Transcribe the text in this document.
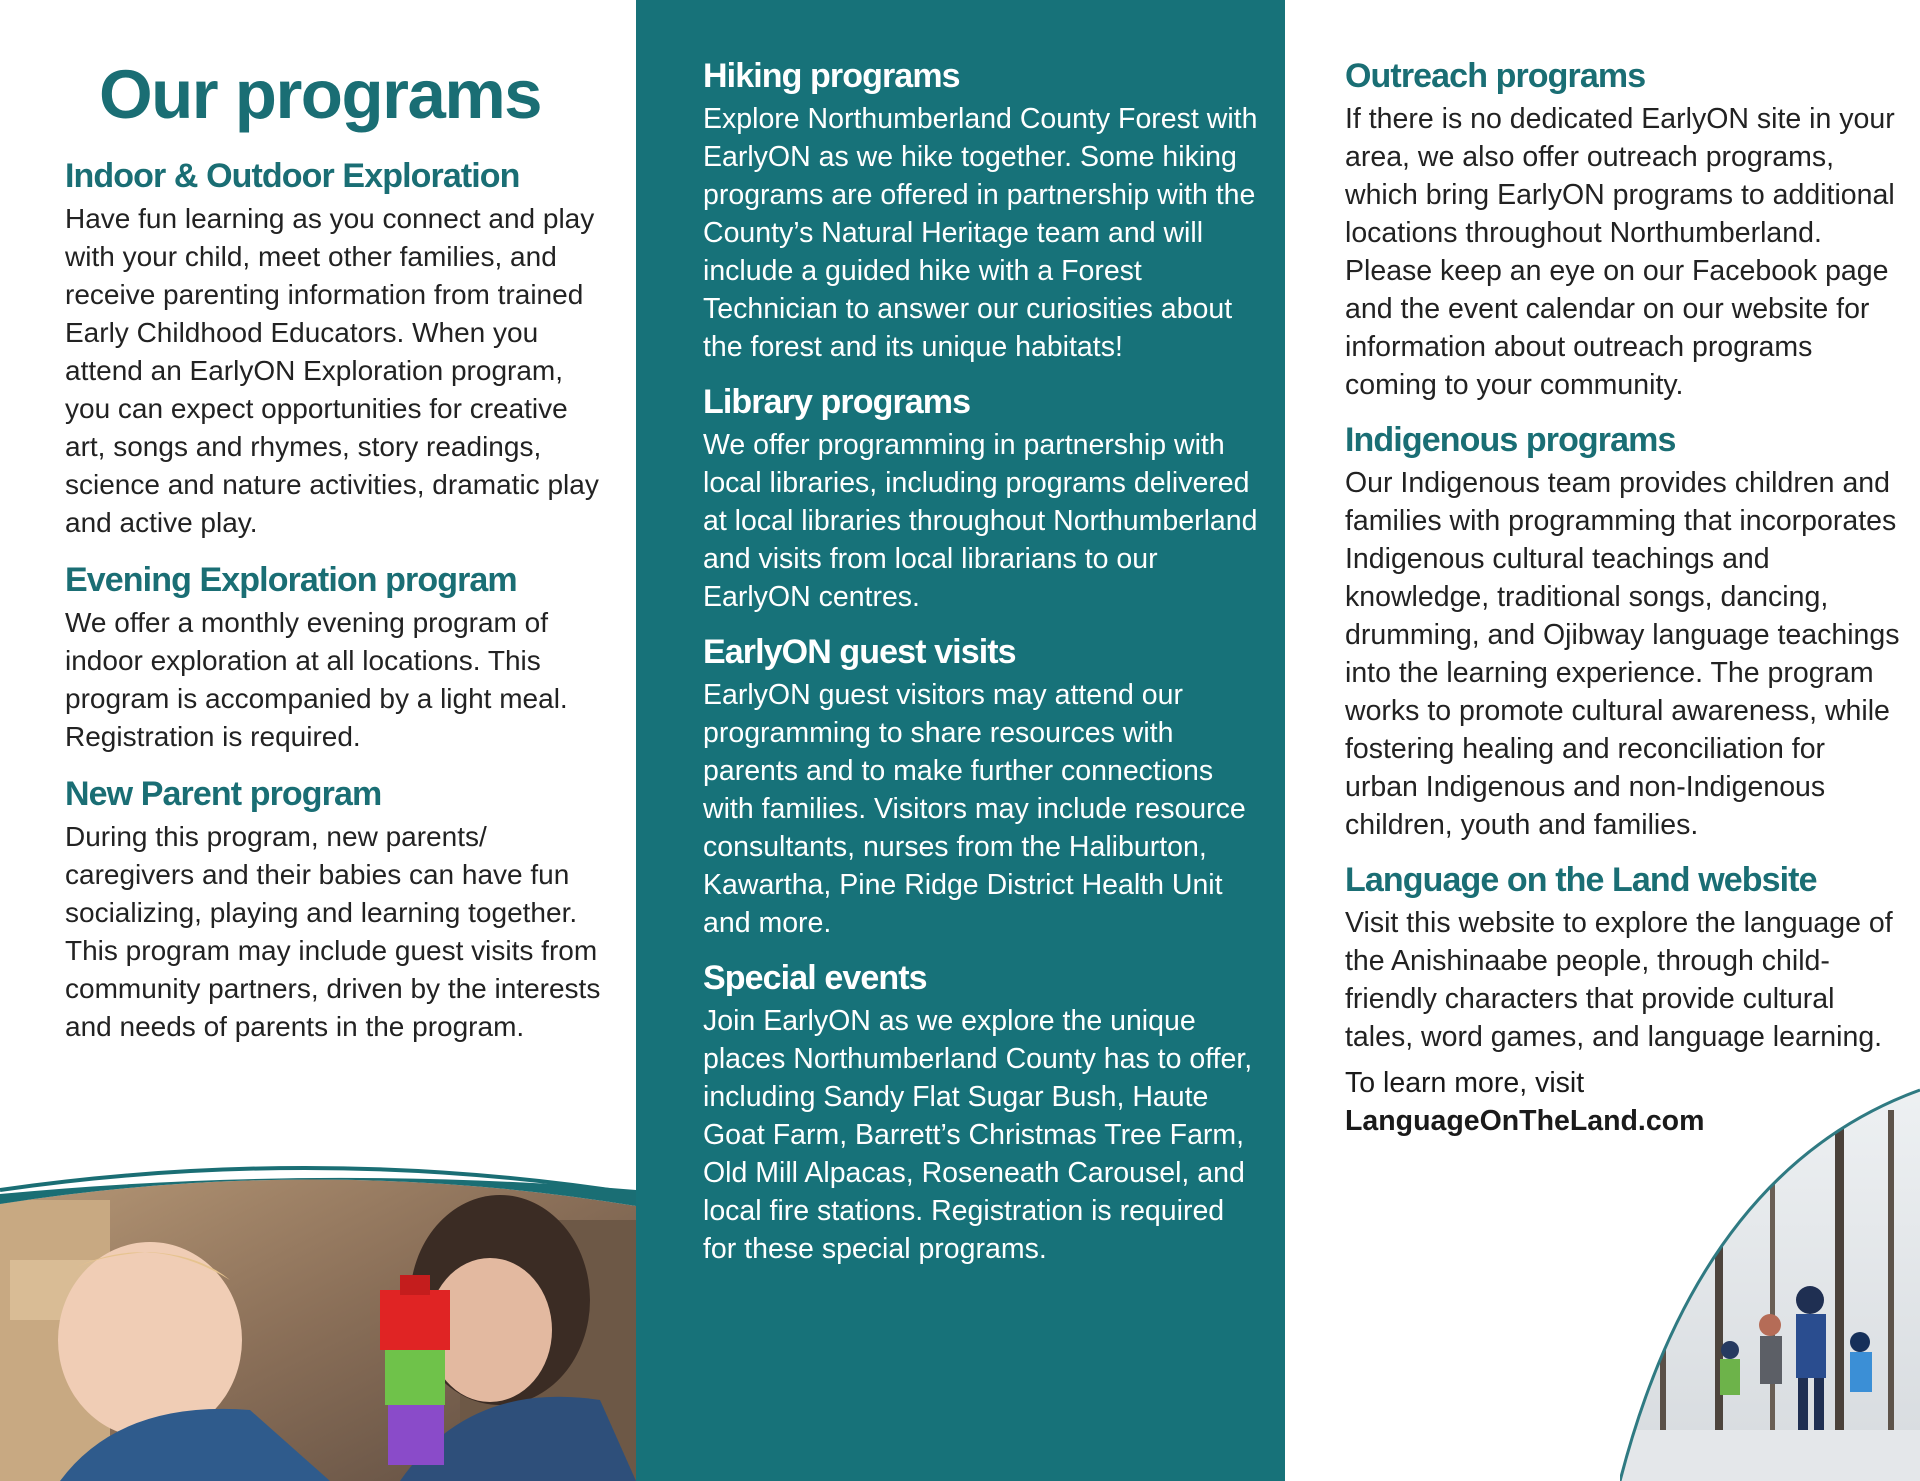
Our programs
Indoor & Outdoor Exploration

Have fun learning as you connect and play with your child, meet other families, and receive parenting information from trained Early Childhood Educators. When you attend an EarlyON Exploration program, you can expect opportunities for creative art, songs and rhymes, story readings, science and nature activities, dramatic play and active play.

Evening Exploration program

We offer a monthly evening program of indoor exploration at all locations. This program is accompanied by a light meal. Registration is required.

New Parent program

During this program, new parents/ caregivers and their babies can have fun socializing, playing and learning together. This program may include guest visits from community partners, driven by the interests and needs of parents in the program.

Hiking programs

Explore Northumberland County Forest with EarlyON as we hike together. Some hiking programs are offered in partnership with the County’s Natural Heritage team and will include a guided hike with a Forest Technician to answer our curiosities about the forest and its unique habitats!

Library programs

We offer programming in partnership with local libraries, including programs delivered at local libraries throughout Northumberland and visits from local librarians to our EarlyON centres.

EarlyON guest visits

EarlyON guest visitors may attend our programming to share resources with parents and to make further connections with families. Visitors may include resource consultants, nurses from the Haliburton, Kawartha, Pine Ridge District Health Unit and more.

Special events

Join EarlyON as we explore the unique places Northumberland County has to offer, including Sandy Flat Sugar Bush, Haute Goat Farm, Barrett’s Christmas Tree Farm, Old Mill Alpacas, Roseneath Carousel, and local fire stations. Registration is required for these special programs.

Outreach programs

If there is no dedicated EarlyON site in your area, we also offer outreach programs, which bring EarlyON programs to additional locations throughout Northumberland. Please keep an eye on our Facebook page and the event calendar on our website for information about outreach programs coming to your community.

Indigenous programs

Our Indigenous team provides children and families with programming that incorporates Indigenous cultural teachings and knowledge, traditional songs, dancing, drumming, and Ojibway language teachings into the learning experience. The program works to promote cultural awareness, while fostering healing and reconciliation for urban Indigenous and non-Indigenous children, youth and families.

Language on the Land website

Visit this website to explore the language of the Anishinaabe people, through child-friendly characters that provide cultural tales, word games, and language learning.

To learn more, visit
LanguageOnTheLand.com
